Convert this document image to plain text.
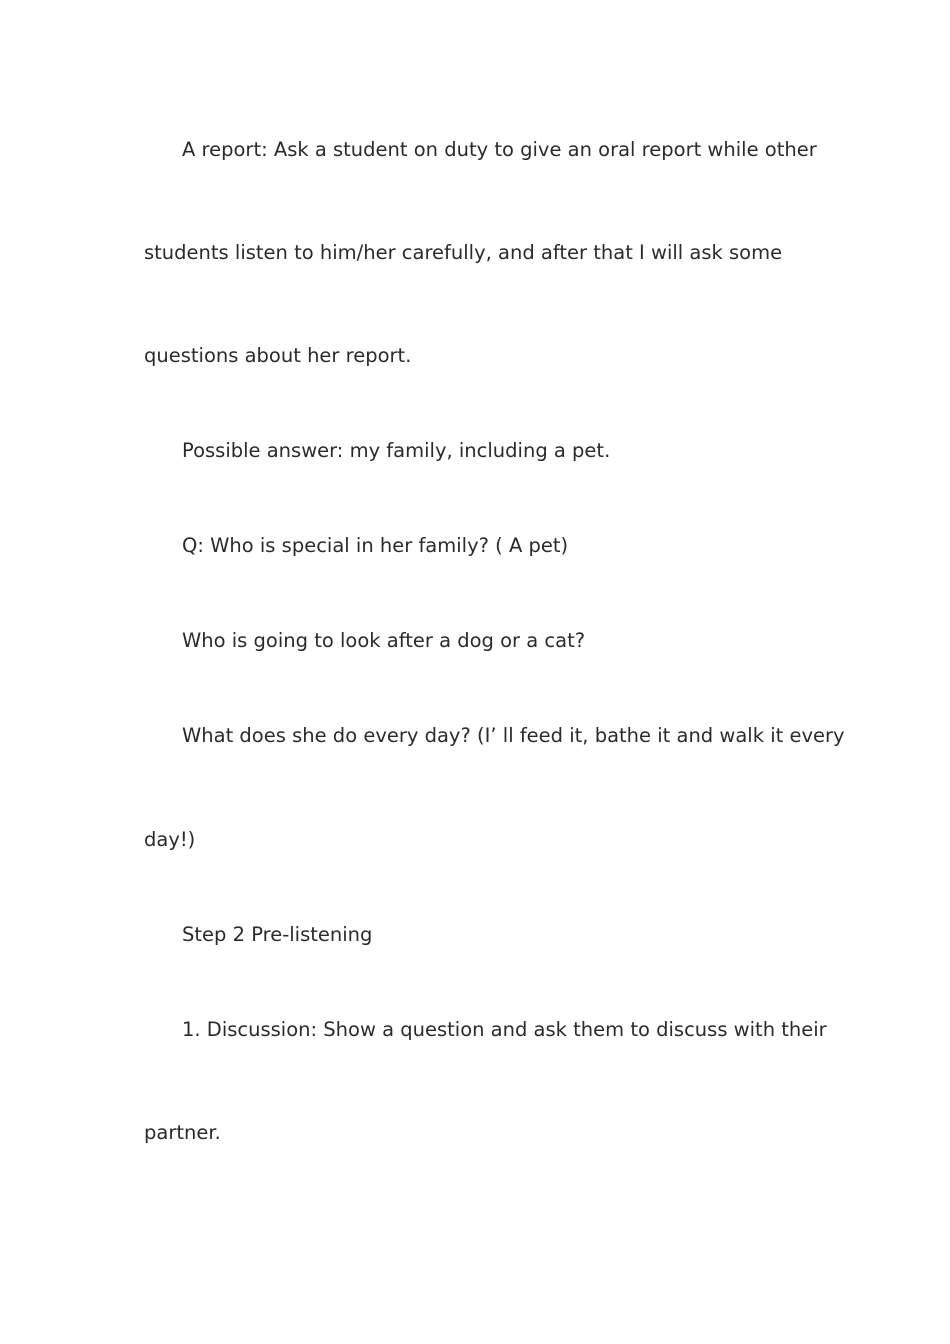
A report: Ask a student on duty to give an oral report while other
students listen to him/her carefully, and after that I will ask some
questions about her report.
Possible answer: my family, including a pet.
Q: Who is special in her family? ( A pet)
Who is going to look after a dog or a cat?
What does she do every day? (I’ ll feed it, bathe it and walk it every
day!)
Step 2 Pre-listening
1. Discussion: Show a question and ask them to discuss with their
partner.
